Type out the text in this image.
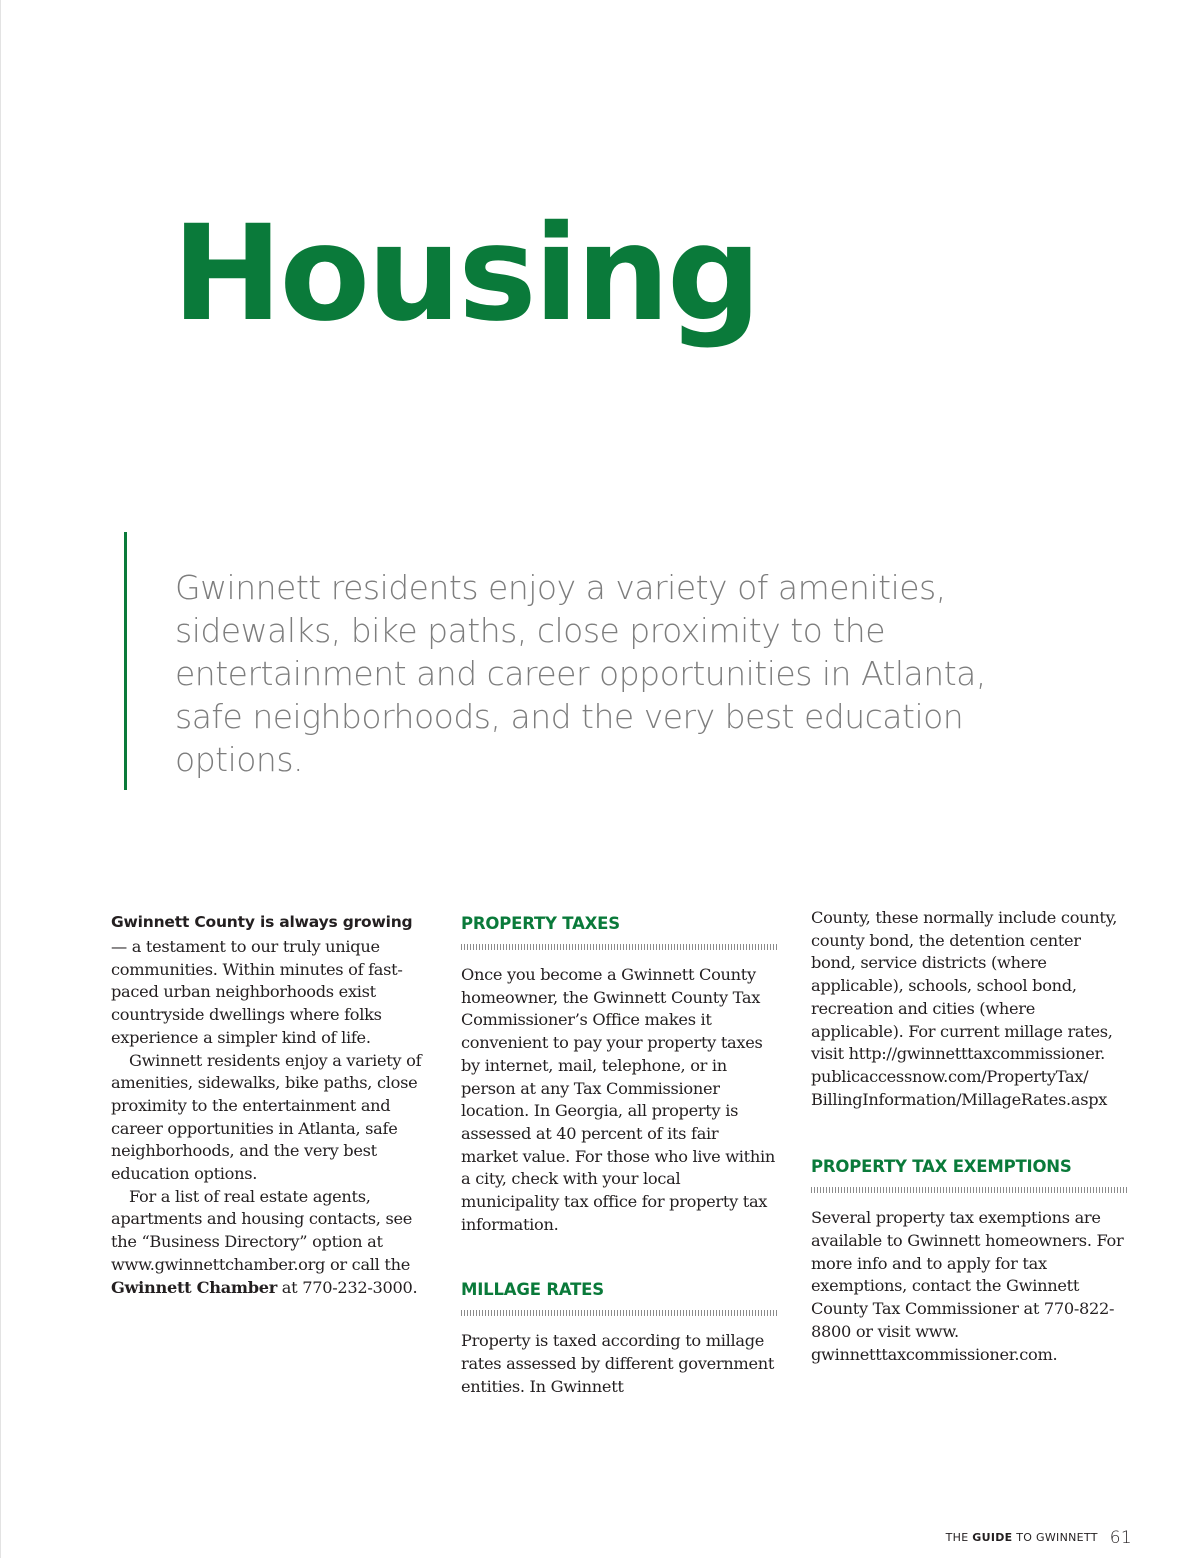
Housing

Gwinnett residents enjoy a variety of amenities, sidewalks, bike paths, close proximity to the entertainment and career opportunities in Atlanta, safe neighborhoods, and the very best education options.

Gwinnett County is always growing
— a testament to our truly unique communities. Within minutes of fast-paced urban neighborhoods exist countryside dwellings where folks experience a simpler kind of life.

Gwinnett residents enjoy a variety of amenities, sidewalks, bike paths, close proximity to the entertainment and career opportunities in Atlanta, safe neighborhoods, and the very best education options.

For a list of real estate agents, apartments and housing contacts, see the “Business Directory” option at www.gwinnettchamber.org or call the Gwinnett Chamber at 770-232-3000.

PROPERTY TAXES

Once you become a Gwinnett County homeowner, the Gwinnett County Tax Commissioner’s Office makes it convenient to pay your property taxes by internet, mail, telephone, or in person at any Tax Commissioner location. In Georgia, all property is assessed at 40 percent of its fair market value. For those who live within a city, check with your local municipality tax office for property tax information.

MILLAGE RATES

Property is taxed according to millage rates assessed by different government entities. In Gwinnett

County, these normally include county, county bond, the detention center bond, service districts (where applicable), schools, school bond, recreation and cities (where applicable). For current millage rates, visit http://gwinnetttaxcommissioner. publicaccessnow.com/PropertyTax/ BillingInformation/MillageRates.aspx

PROPERTY TAX EXEMPTIONS

Several property tax exemptions are available to Gwinnett homeowners. For more info and to apply for tax exemptions, contact the Gwinnett County Tax Commissioner at 770-822-8800 or visit www. gwinnetttaxcommissioner.com.

THE GUIDE TO GWINNETT 61
